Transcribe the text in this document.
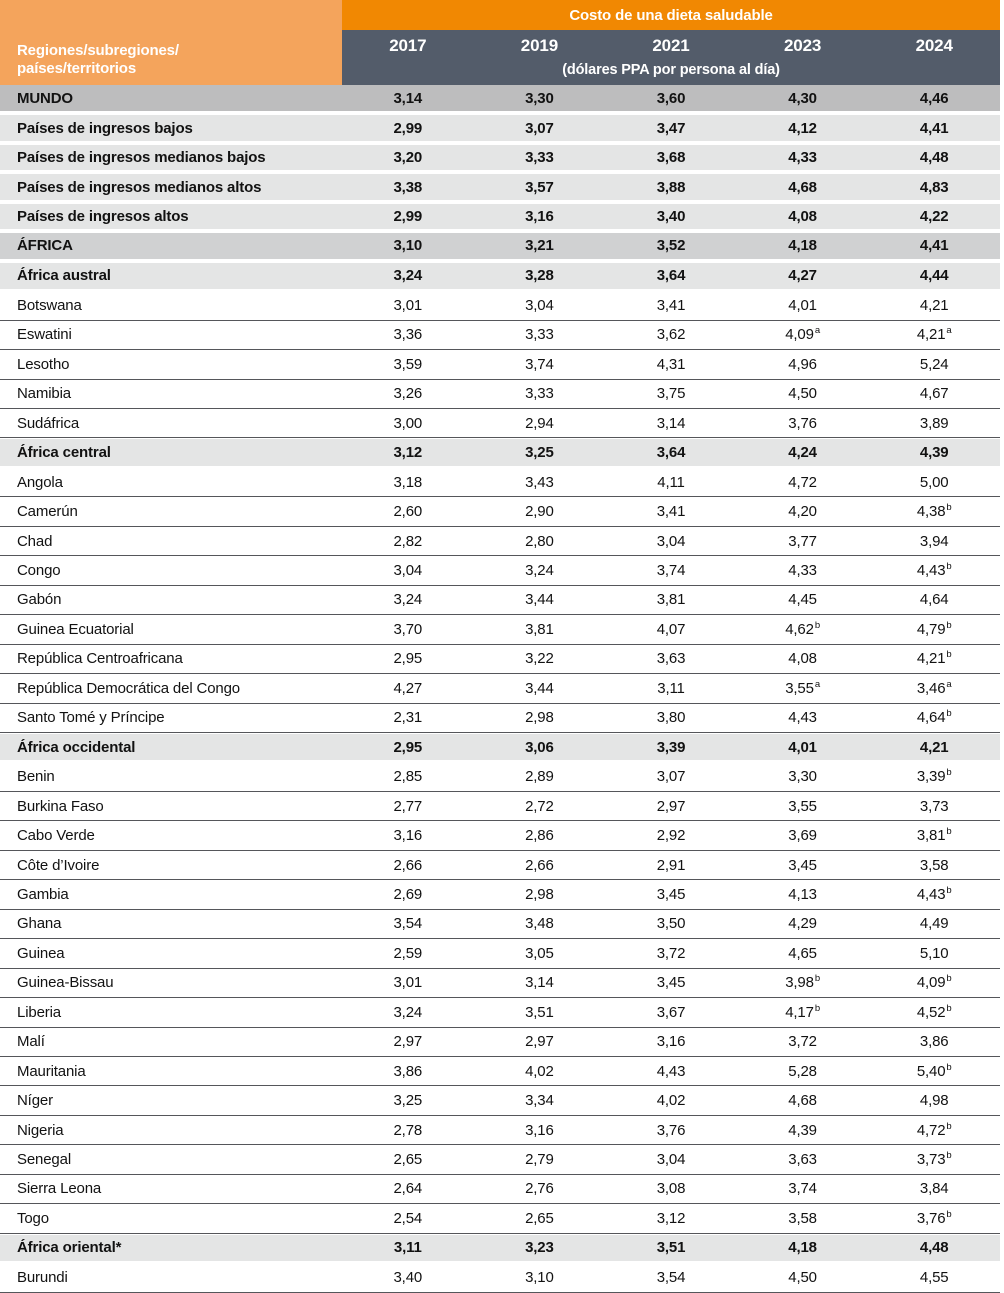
Regiones/subregiones/
países/territorios
Costo de una dieta saludable
2017	2019	2021	2023	2024
(dólares PPA por persona al día)
MUNDO	3,14	3,30	3,60	4,30	4,46
Países de ingresos bajos	2,99	3,07	3,47	4,12	4,41
Países de ingresos medianos bajos	3,20	3,33	3,68	4,33	4,48
Países de ingresos medianos altos	3,38	3,57	3,88	4,68	4,83
Países de ingresos altos	2,99	3,16	3,40	4,08	4,22
ÁFRICA	3,10	3,21	3,52	4,18	4,41
África austral	3,24	3,28	3,64	4,27	4,44
Botswana	3,01	3,04	3,41	4,01	4,21
Eswatini	3,36	3,33	3,62	4,09$^a$	4,21$^a$
Lesotho	3,59	3,74	4,31	4,96	5,24
Namibia	3,26	3,33	3,75	4,50	4,67
Sudáfrica	3,00	2,94	3,14	3,76	3,89
África central	3,12	3,25	3,64	4,24	4,39
Angola	3,18	3,43	4,11	4,72	5,00
Camerún	2,60	2,90	3,41	4,20	4,38$^b$
Chad	2,82	2,80	3,04	3,77	3,94
Congo	3,04	3,24	3,74	4,33	4,43$^b$
Gabón	3,24	3,44	3,81	4,45	4,64
Guinea Ecuatorial	3,70	3,81	4,07	4,62$^b$	4,79$^b$
República Centroafricana	2,95	3,22	3,63	4,08	4,21$^b$
República Democrática del Congo	4,27	3,44	3,11	3,55$^a$	3,46$^a$
Santo Tomé y Príncipe	2,31	2,98	3,80	4,43	4,64$^b$
África occidental	2,95	3,06	3,39	4,01	4,21
Benin	2,85	2,89	3,07	3,30	3,39$^b$
Burkina Faso	2,77	2,72	2,97	3,55	3,73
Cabo Verde	3,16	2,86	2,92	3,69	3,81$^b$
Côte d’Ivoire	2,66	2,66	2,91	3,45	3,58
Gambia	2,69	2,98	3,45	4,13	4,43$^b$
Ghana	3,54	3,48	3,50	4,29	4,49
Guinea	2,59	3,05	3,72	4,65	5,10
Guinea-Bissau	3,01	3,14	3,45	3,98$^b$	4,09$^b$
Liberia	3,24	3,51	3,67	4,17$^b$	4,52$^b$
Malí	2,97	2,97	3,16	3,72	3,86
Mauritania	3,86	4,02	4,43	5,28	5,40$^b$
Níger	3,25	3,34	4,02	4,68	4,98
Nigeria	2,78	3,16	3,76	4,39	4,72$^b$
Senegal	2,65	2,79	3,04	3,63	3,73$^b$
Sierra Leona	2,64	2,76	3,08	3,74	3,84
Togo	2,54	2,65	3,12	3,58	3,76$^b$
África oriental*	3,11	3,23	3,51	4,18	4,48
Burundi	3,40	3,10	3,54	4,50	4,55
